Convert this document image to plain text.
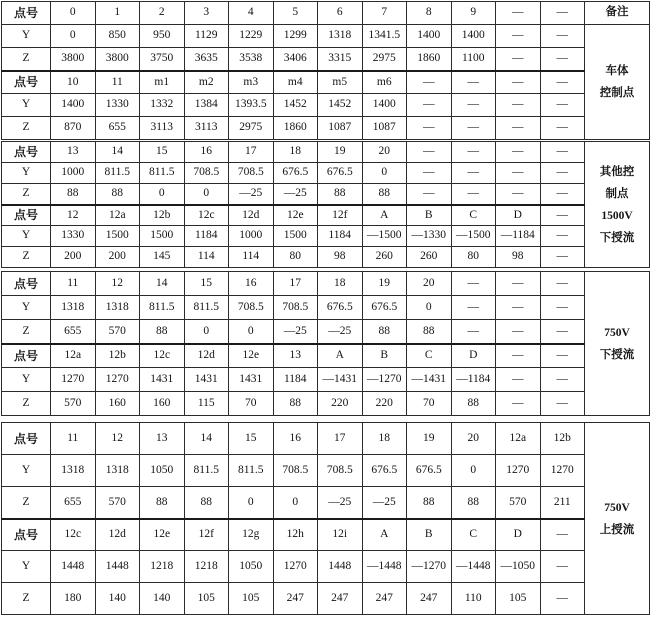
点号	0	1	2	3	4	5	6	7	8	9	—	—	备注
Y	0	850	950	1129	1229	1299	1318	1341.5	1400	1400	—	—	车体
控制点

Z	3800	3800	3750	3635	3538	3406	3315	2975	1860	1100	—	—	
点号	10	11	m1	m2	m3	m4	m5	m6	—	—	—	—	
Y	1400	1330	1332	1384	1393.5	1452	1452	1400	—	—	—	—	
Z	870	655	3113	3113	2975	1860	1087	1087	—	—	—	—	
点号	13	14	15	16	17	18	19	20	—	—	—	—	其他控
制点
1500V
下授流

Y	1000	811.5	811.5	708.5	708.5	676.5	676.5	0	—	—	—	—	
Z	88	88	0	0	—25	—25	88	88	—	—	—	—	
点号	12	12a	12b	12c	12d	12e	12f	A	B	C	D	—	
Y	1330	1500	1500	1184	1000	1500	1184	—1500	—1330	—1500	—1184	—	
Z	200	200	145	114	114	80	98	260	260	80	98	—	
点号	11	12	14	15	16	17	18	19	20	—	—	—	750V
下授流

Y	1318	1318	811.5	811.5	708.5	708.5	676.5	676.5	0	—	—	—	
Z	655	570	88	0	0	—25	—25	88	88	—	—	—	
点号	12a	12b	12c	12d	12e	13	A	B	C	D	—	—	
Y	1270	1270	1431	1431	1431	1184	—1431	—1270	—1431	—1184	—	—	
Z	570	160	160	115	70	88	220	220	70	88	—	—	
点号	11	12	13	14	15	16	17	18	19	20	12a	12b	750V
上授流

Y	1318	1318	1050	811.5	811.5	708.5	708.5	676.5	676.5	0	1270	1270	
Z	655	570	88	88	0	0	—25	—25	88	88	570	211	
点号	12c	12d	12e	12f	12g	12h	12i	A	B	C	D	—	
Y	1448	1448	1218	1218	1050	1270	1448	—1448	—1270	—1448	—1050	—	
Z	180	140	140	105	105	247	247	247	247	110	105	—	
